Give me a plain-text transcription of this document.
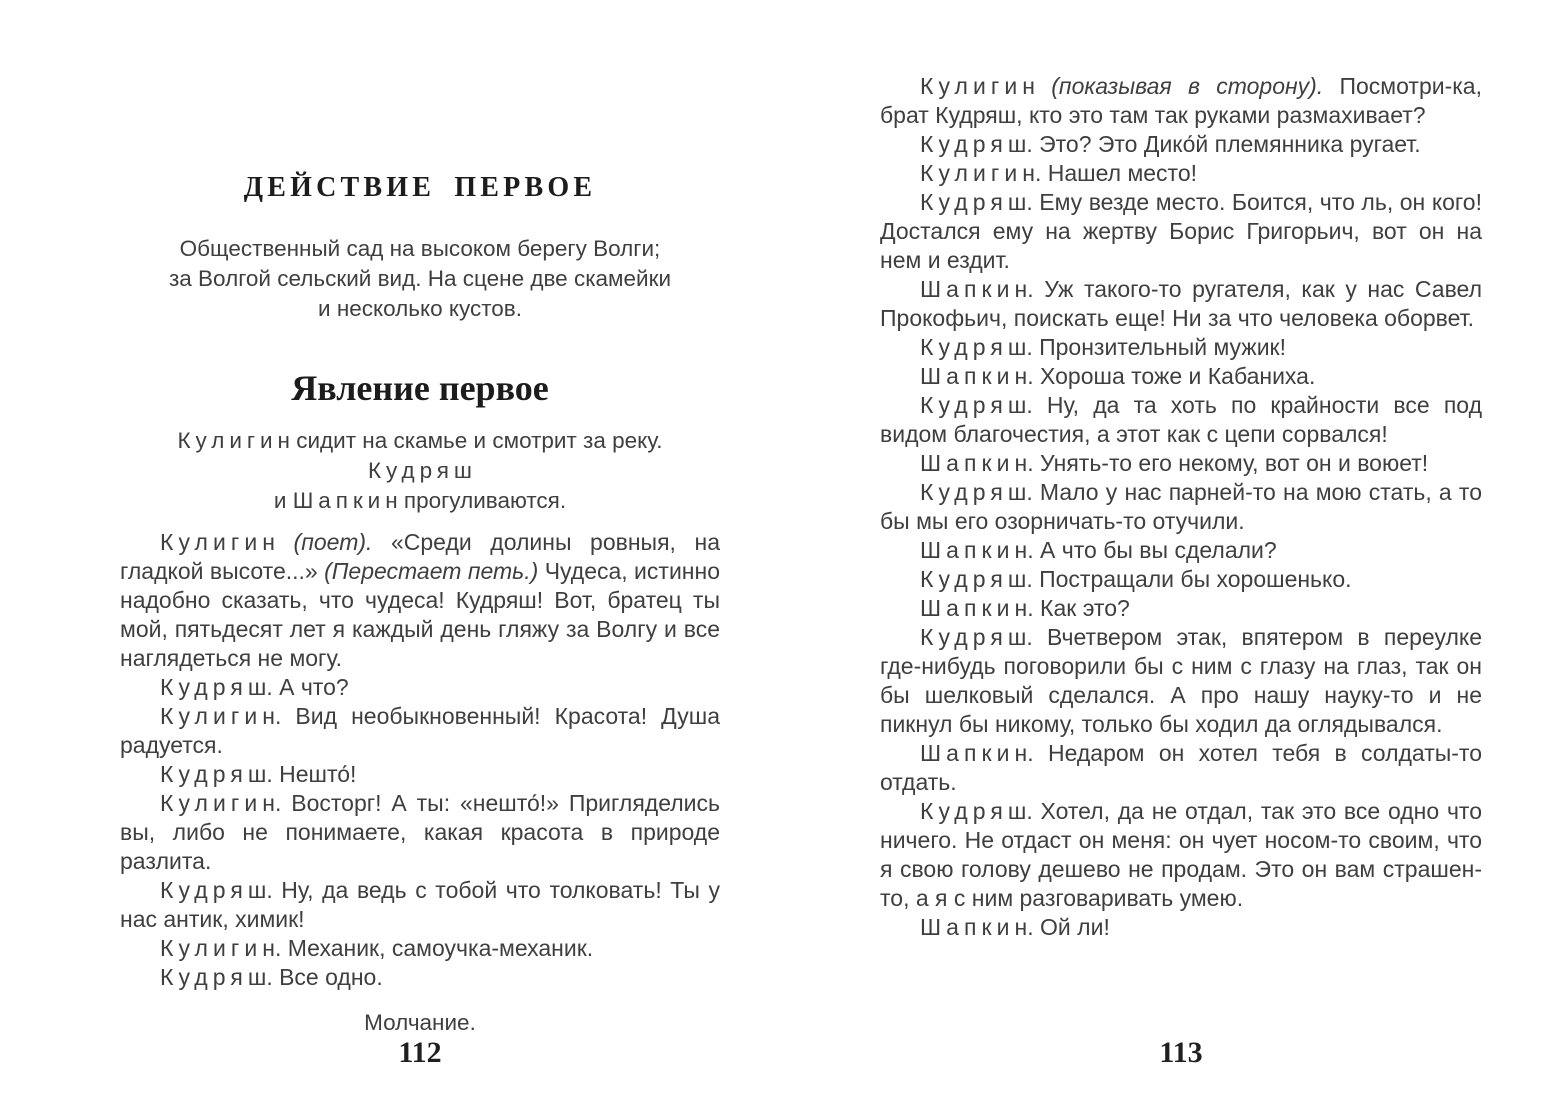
ДЕЙСТВИЕ ПЕРВОЕ
Общественный сад на высоком берегу Волги;
за Волгой сельский вид. На сцене две скамейки
и несколько кустов.
Явление первое
Кулигин сидит на скамье и смотрит за реку. Кудряш
и Шапкин прогуливаются.

Кулигин (поет). «Среди долины ровныя, на гладкой высоте...» (Перестает петь.) Чудеса, истинно надобно сказать, что чудеса! Кудряш! Вот, братец ты мой, пятьдесят лет я каждый день гляжу за Волгу и все наглядеться не могу.

Кудряш. А что?

Кулигин. Вид необыкновенный! Красота! Душа радуется.

Кудряш. Нешто́!

Кулигин. Восторг! А ты: «нешто́!» Пригляделись вы, либо не понимаете, какая красота в природе разлита.

Кудряш. Ну, да ведь с тобой что толковать! Ты у нас антик, химик!

Кулигин. Механик, самоучка-механик.

Кудряш. Все одно.

Молчание.
112

Кулигин (показывая в сторону). Посмотри-ка, брат Кудряш, кто это там так руками размахивает?

Кудряш. Это? Это Дико́й племянника ругает.

Кулигин. Нашел место!

Кудряш. Ему везде место. Боится, что ль, он кого! Достался ему на жертву Борис Григорьич, вот он на нем и ездит.

Шапкин. Уж такого-то ругателя, как у нас Савел Прокофьич, поискать еще! Ни за что человека оборвет.

Кудряш. Пронзительный мужик!

Шапкин. Хороша тоже и Кабаниха.

Кудряш. Ну, да та хоть по крайности все под видом благочестия, а этот как с цепи сорвался!

Шапкин. Унять-то его некому, вот он и воюет!

Кудряш. Мало у нас парней-то на мою стать, а то бы мы его озорничать-то отучили.

Шапкин. А что бы вы сделали?

Кудряш. Постращали бы хорошенько.

Шапкин. Как это?

Кудряш. Вчетвером этак, впятером в переулке где-нибудь поговорили бы с ним с глазу на глаз, так он бы шелковый сделался. А про нашу науку-то и не пикнул бы никому, только бы ходил да оглядывался.

Шапкин. Недаром он хотел тебя в солдаты-то отдать.

Кудряш. Хотел, да не отдал, так это все одно что ничего. Не отдаст он меня: он чует носом-то своим, что я свою голову дешево не продам. Это он вам страшен-то, а я с ним разговаривать умею.

Шапкин. Ой ли!

113
